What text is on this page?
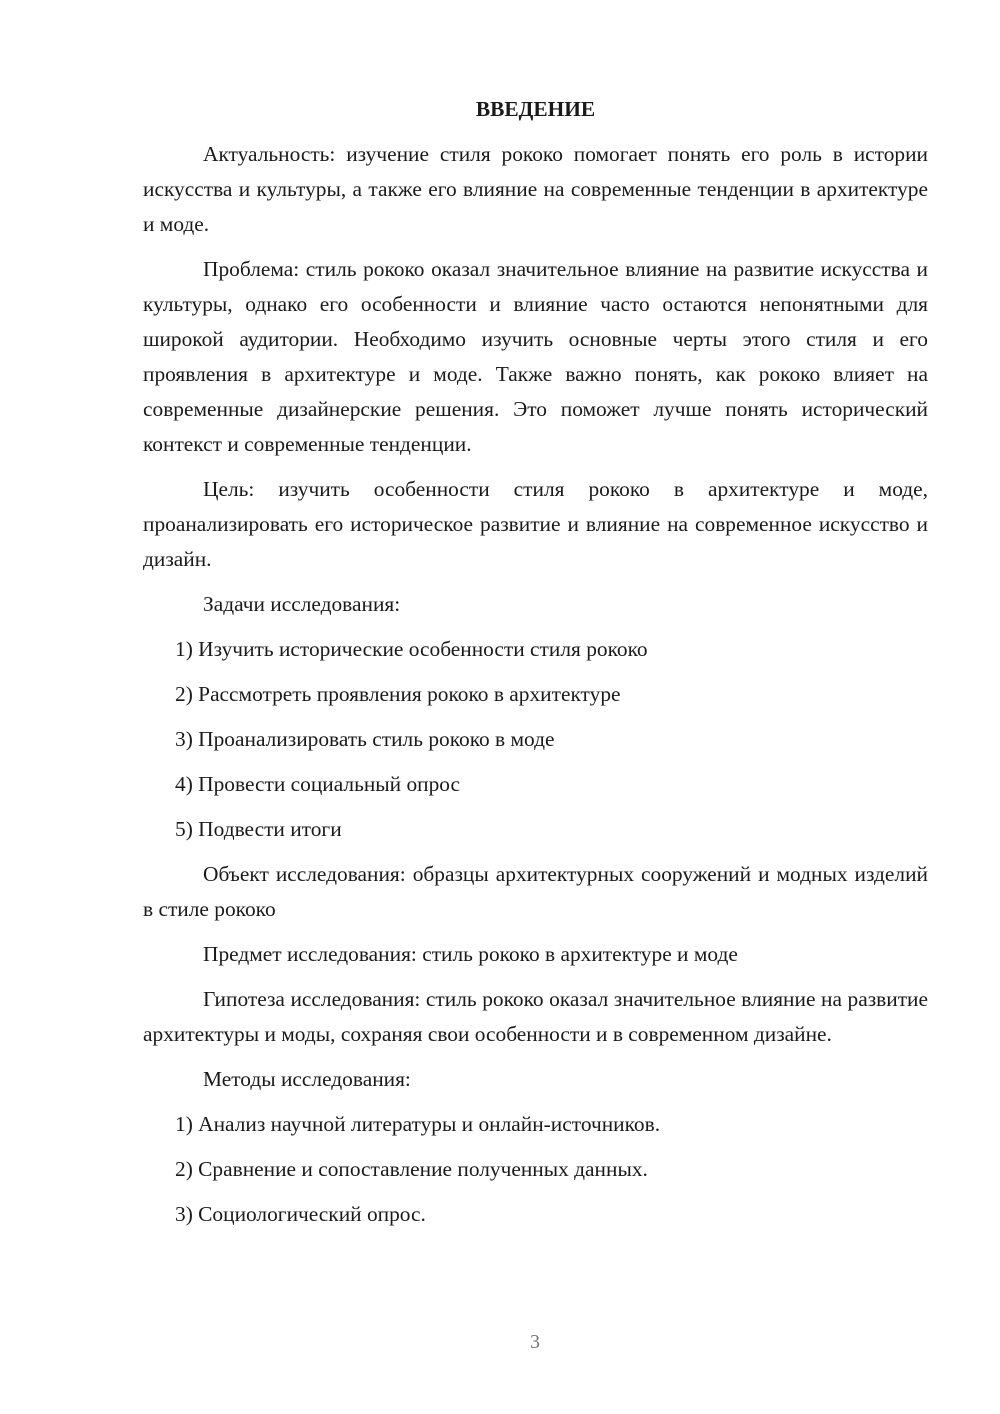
ВВЕДЕНИЕ

Актуальность: изучение стиля рококо помогает понять его роль в истории искусства и культуры, а также его влияние на современные тенденции в архитектуре и моде.

Проблема: стиль рококо оказал значительное влияние на развитие искусства и культуры, однако его особенности и влияние часто остаются непонятными для широкой аудитории. Необходимо изучить основные черты этого стиля и его проявления в архитектуре и моде. Также важно понять, как рококо влияет на современные дизайнерские решения. Это поможет лучше понять исторический контекст и современные тенденции.

Цель: изучить особенности стиля рококо в архитектуре и моде, проанализировать его историческое развитие и влияние на современное искусство и дизайн.

Задачи исследования:

1) Изучить исторические особенности стиля рококо
2) Рассмотреть проявления рококо в архитектуре
3) Проанализировать стиль рококо в моде
4) Провести социальный опрос
5) Подвести итоги

Объект исследования: образцы архитектурных сооружений и модных изделий в стиле рококо

Предмет исследования: стиль рококо в архитектуре и моде

Гипотеза исследования: стиль рококо оказал значительное влияние на развитие архитектуры и моды, сохраняя свои особенности и в современном дизайне.

Методы исследования:

1) Анализ научной литературы и онлайн-источников.
2) Сравнение и сопоставление полученных данных.
3) Социологический опрос.
3
